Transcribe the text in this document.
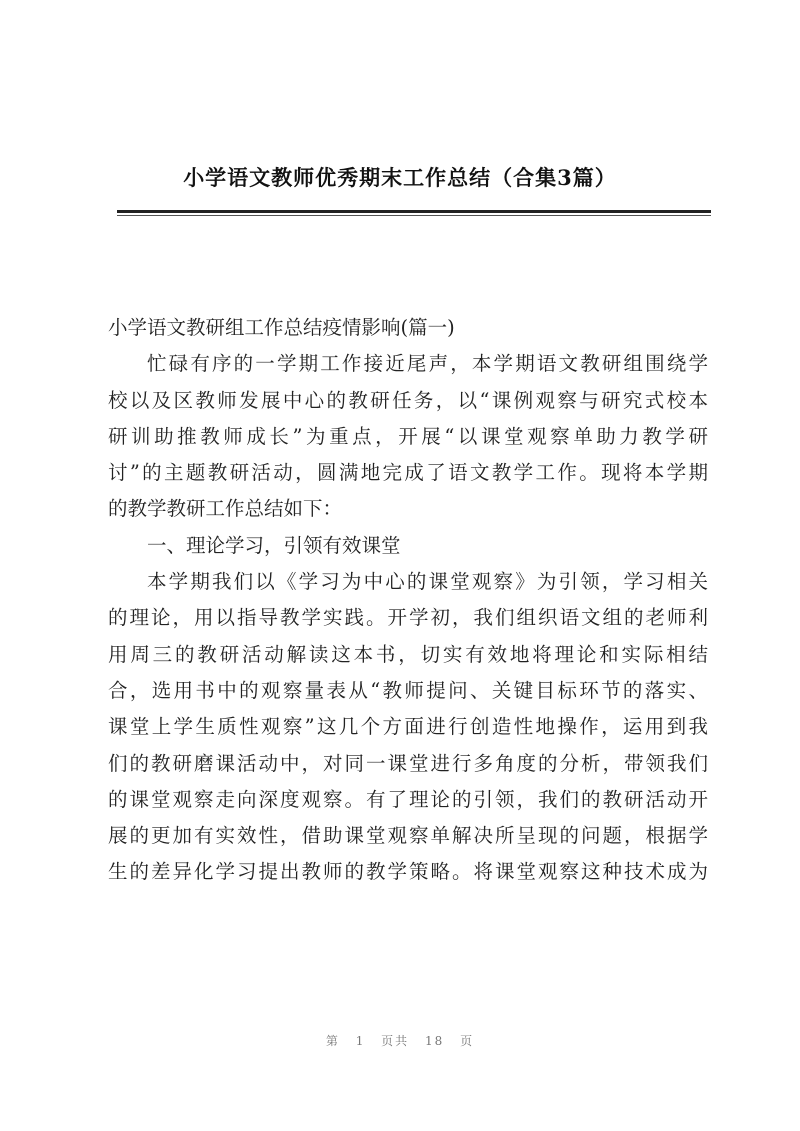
小学语文教师优秀期末工作总结（合集3篇）
小学语文教研组工作总结疫情影响(篇一)
忙碌有序的一学期工作接近尾声，本学期语文教研组围绕学
校以及区教师发展中心的教研任务，以“课例观察与研究式校本
研训助推教师成长”为重点，开展“以课堂观察单助力教学研
讨”的主题教研活动，圆满地完成了语文教学工作。现将本学期
的教学教研工作总结如下：
一、理论学习，引领有效课堂
本学期我们以《学习为中心的课堂观察》为引领，学习相关
的理论，用以指导教学实践。开学初，我们组织语文组的老师利
用周三的教研活动解读这本书，切实有效地将理论和实际相结
合，选用书中的观察量表从“教师提问、关键目标环节的落实、
课堂上学生质性观察”这几个方面进行创造性地操作，运用到我
们的教研磨课活动中，对同一课堂进行多角度的分析，带领我们
的课堂观察走向深度观察。有了理论的引领，我们的教研活动开
展的更加有实效性，借助课堂观察单解决所呈现的问题，根据学
生的差异化学习提出教师的教学策略。将课堂观察这种技术成为
第 1 页共 18 页
